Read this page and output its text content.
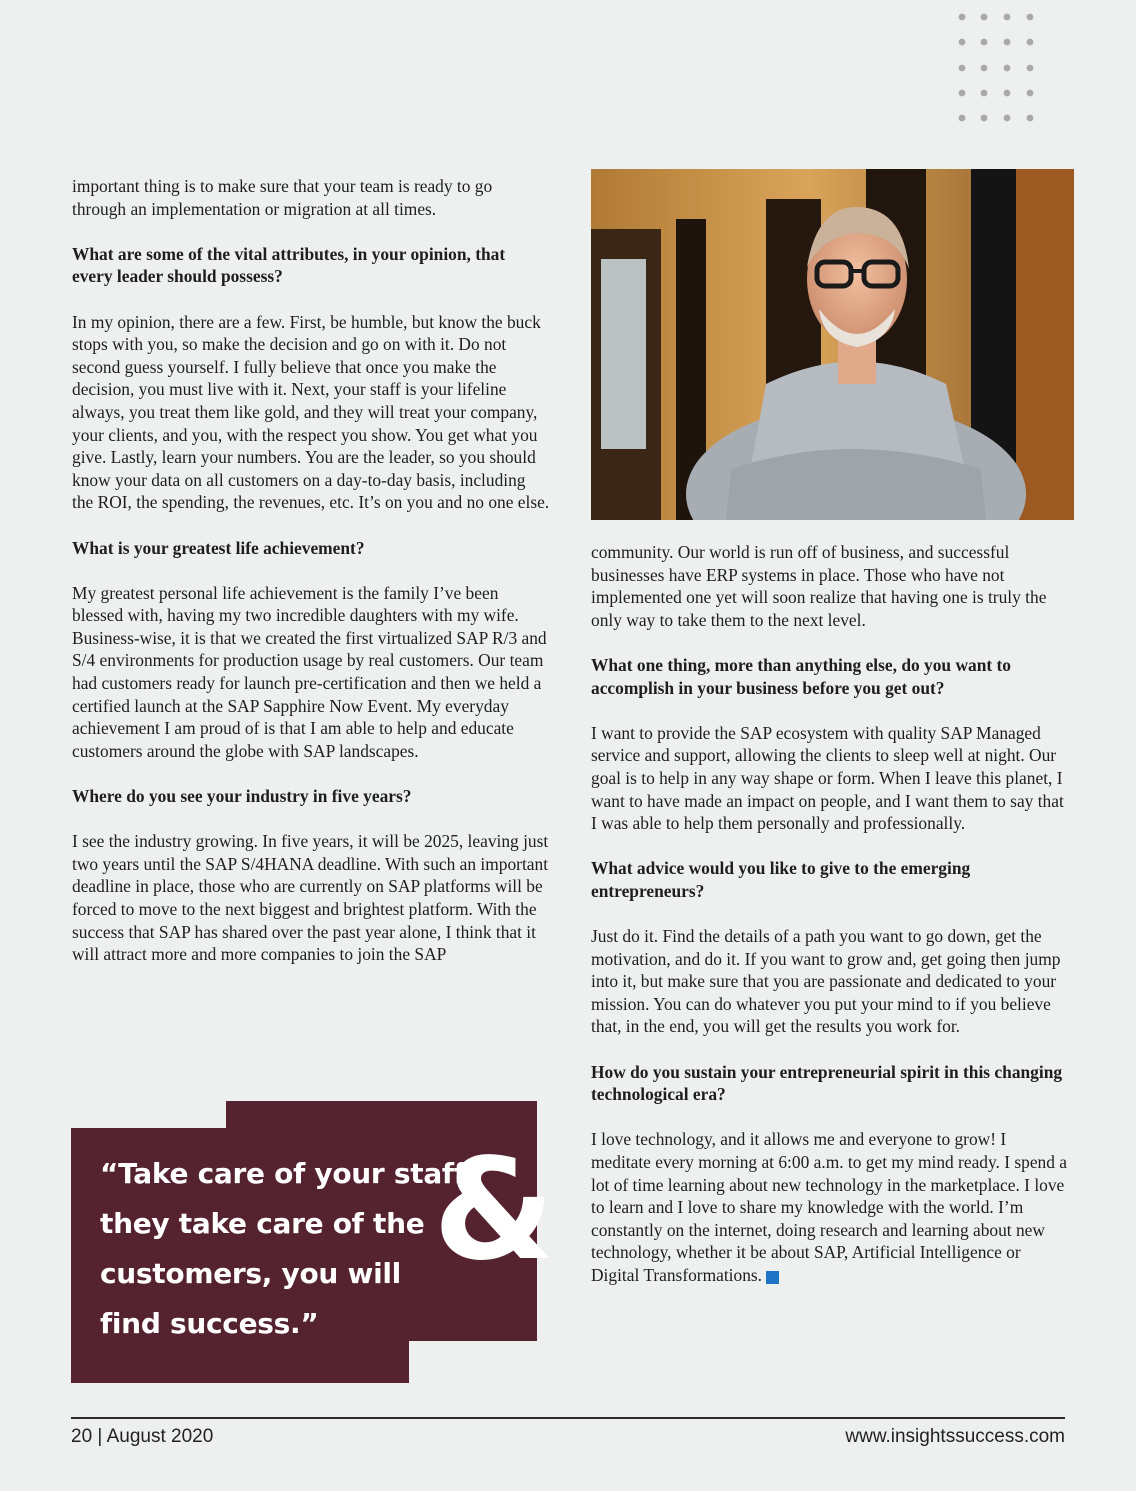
important thing is to make sure that your team is ready to go through an implementation or migration at all times.

What are some of the vital attributes, in your opinion, that every leader should possess?

In my opinion, there are a few. First, be humble, but know the buck stops with you, so make the decision and go on with it. Do not second guess yourself. I fully believe that once you make the decision, you must live with it. Next, your staff is your lifeline always, you treat them like gold, and they will treat your company, your clients, and you, with the respect you show. You get what you give. Lastly, learn your numbers. You are the leader, so you should know your data on all customers on a day-to-day basis, including the ROI, the spending, the revenues, etc. It’s on you and no one else.

What is your greatest life achievement?

My greatest personal life achievement is the family I’ve been blessed with, having my two incredible daughters with my wife. Business-wise, it is that we created the first virtualized SAP R/3 and S/4 environments for production usage by real customers. Our team had customers ready for launch pre-certification and then we held a certified launch at the SAP Sapphire Now Event. My everyday achievement I am proud of is that I am able to help and educate customers around the globe with SAP landscapes.

Where do you see your industry in five years?

I see the industry growing. In five years, it will be 2025, leaving just two years until the SAP S/4HANA deadline. With such an important deadline in place, those who are currently on SAP platforms will be forced to move to the next biggest and brightest platform. With the success that SAP has shared over the past year alone, I think that it will attract more and more companies to join the SAP

community. Our world is run off of business, and successful businesses have ERP systems in place. Those who have not implemented one yet will soon realize that having one is truly the only way to take them to the next level.

What one thing, more than anything else, do you want to accomplish in your business before you get out?

I want to provide the SAP ecosystem with quality SAP Managed service and support, allowing the clients to sleep well at night. Our goal is to help in any way shape or form. When I leave this planet, I want to have made an impact on people, and I want them to say that I was able to help them personally and professionally.

What advice would you like to give to the emerging entrepreneurs?

Just do it. Find the details of a path you want to go down, get the motivation, and do it. If you want to grow and, get going then jump into it, but make sure that you are passionate and dedicated to your mission. You can do whatever you put your mind to if you believe that, in the end, you will get the results you work for.

How do you sustain your entrepreneurial spirit in this changing technological era?

I love technology, and it allows me and everyone to grow! I meditate every morning at 6:00 a.m. to get my mind ready. I spend a lot of time learning about new technology in the marketplace. I love to learn and I love to share my knowledge with the world. I’m constantly on the internet, doing research and learning about new technology, whether it be about SAP, Artificial Intelligence or Digital Transformations.

&
“Take care of your staff
they take care of the
customers, you will
find success.”
20 | August 2020	www.insightssuccess.com
